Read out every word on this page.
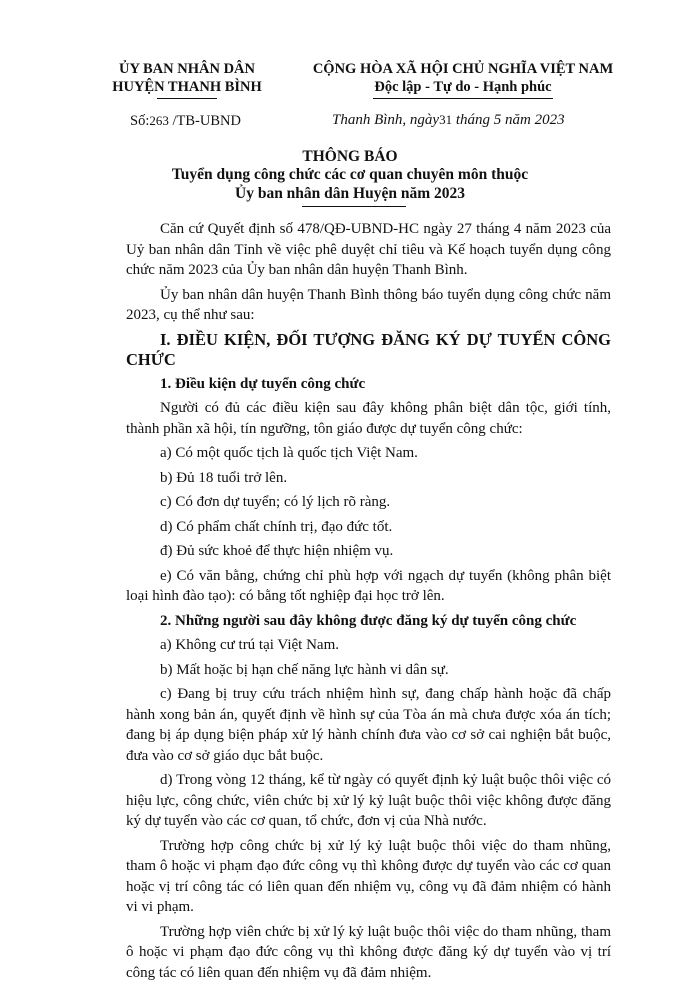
ỦY BAN NHÂN DÂN
HUYỆN THANH BÌNH
CỘNG HÒA XÃ HỘI CHỦ NGHĨA VIỆT NAM
Độc lập - Tự do - Hạnh phúc
Số:263 /TB-UBND	Thanh Bình, ngày31 tháng 5 năm 2023
THÔNG BÁO
Tuyển dụng công chức các cơ quan chuyên môn thuộc
Ủy ban nhân dân Huyện năm 2023

Căn cứ Quyết định số 478/QĐ-UBND-HC ngày 27 tháng 4 năm 2023 của Uỷ ban nhân dân Tỉnh về việc phê duyệt chỉ tiêu và Kế hoạch tuyển dụng công chức năm 2023 của Ủy ban nhân dân huyện Thanh Bình.

Ủy ban nhân dân huyện Thanh Bình thông báo tuyển dụng công chức năm 2023, cụ thể như sau:

I. ĐIỀU KIỆN, ĐỐI TƯỢNG ĐĂNG KÝ DỰ TUYỂN CÔNG CHỨC

1. Điều kiện dự tuyển công chức

Người có đủ các điều kiện sau đây không phân biệt dân tộc, giới tính, thành phần xã hội, tín ngưỡng, tôn giáo được dự tuyển công chức:

a) Có một quốc tịch là quốc tịch Việt Nam.

b) Đủ 18 tuổi trở lên.

c) Có đơn dự tuyển; có lý lịch rõ ràng.

d) Có phẩm chất chính trị, đạo đức tốt.

đ) Đủ sức khoẻ để thực hiện nhiệm vụ.

e) Có văn bằng, chứng chỉ phù hợp với ngạch dự tuyển (không phân biệt loại hình đào tạo): có bằng tốt nghiệp đại học trở lên.

2. Những người sau đây không được đăng ký dự tuyển công chức

a) Không cư trú tại Việt Nam.

b) Mất hoặc bị hạn chế năng lực hành vi dân sự.

c) Đang bị truy cứu trách nhiệm hình sự, đang chấp hành hoặc đã chấp hành xong bản án, quyết định về hình sự của Tòa án mà chưa được xóa án tích; đang bị áp dụng biện pháp xử lý hành chính đưa vào cơ sở cai nghiện bắt buộc, đưa vào cơ sở giáo dục bắt buộc.

d) Trong vòng 12 tháng, kể từ ngày có quyết định kỷ luật buộc thôi việc có hiệu lực, công chức, viên chức bị xử lý kỷ luật buộc thôi việc không được đăng ký dự tuyển vào các cơ quan, tổ chức, đơn vị của Nhà nước.

Trường hợp công chức bị xử lý kỷ luật buộc thôi việc do tham nhũng, tham ô hoặc vi phạm đạo đức công vụ thì không được dự tuyển vào các cơ quan hoặc vị trí công tác có liên quan đến nhiệm vụ, công vụ đã đảm nhiệm có hành vi vi phạm.

Trường hợp viên chức bị xử lý kỷ luật buộc thôi việc do tham nhũng, tham ô hoặc vi phạm đạo đức công vụ thì không được đăng ký dự tuyển vào vị trí công tác có liên quan đến nhiệm vụ đã đảm nhiệm.
